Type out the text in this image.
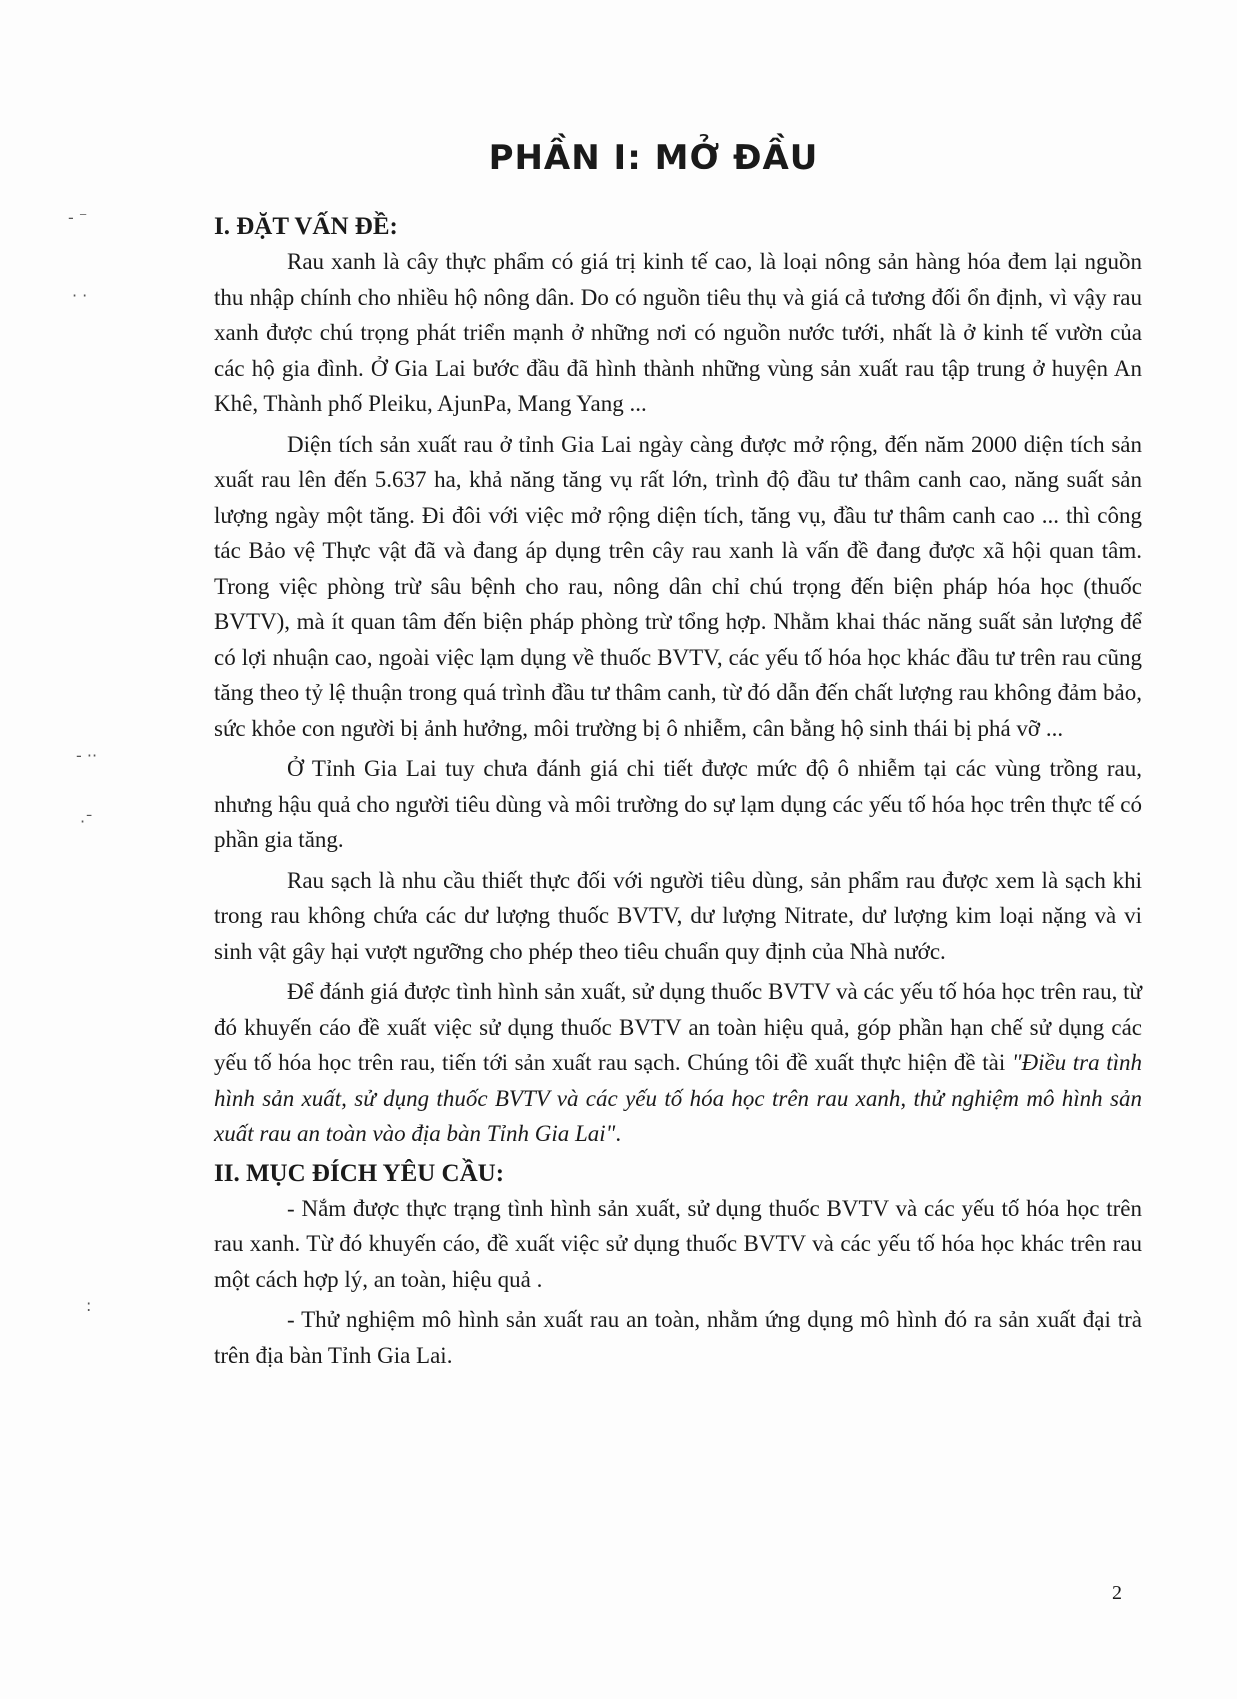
PHẦN I: MỞ ĐẦU
I. ĐẶT VẤN ĐỀ:

Rau xanh là cây thực phẩm có giá trị kinh tế cao, là loại nông sản hàng hóa đem lại nguồn thu nhập chính cho nhiều hộ nông dân. Do có nguồn tiêu thụ và giá cả tương đối ổn định, vì vậy rau xanh được chú trọng phát triển mạnh ở những nơi có nguồn nước tưới, nhất là ở kinh tế vườn của các hộ gia đình. Ở Gia Lai bước đầu đã hình thành những vùng sản xuất rau tập trung ở huyện An Khê, Thành phố Pleiku, AjunPa, Mang Yang ...

Diện tích sản xuất rau ở tỉnh Gia Lai ngày càng được mở rộng, đến năm 2000 diện tích sản xuất rau lên đến 5.637 ha, khả năng tăng vụ rất lớn, trình độ đầu tư thâm canh cao, năng suất sản lượng ngày một tăng. Đi đôi với việc mở rộng diện tích, tăng vụ, đầu tư thâm canh cao ... thì công tác Bảo vệ Thực vật đã và đang áp dụng trên cây rau xanh là vấn đề đang được xã hội quan tâm. Trong việc phòng trừ sâu bệnh cho rau, nông dân chỉ chú trọng đến biện pháp hóa học (thuốc BVTV), mà ít quan tâm đến biện pháp phòng trừ tổng hợp. Nhằm khai thác năng suất sản lượng để có lợi nhuận cao, ngoài việc lạm dụng về thuốc BVTV, các yếu tố hóa học khác đầu tư trên rau cũng tăng theo tỷ lệ thuận trong quá trình đầu tư thâm canh, từ đó dẫn đến chất lượng rau không đảm bảo, sức khỏe con người bị ảnh hưởng, môi trường bị ô nhiễm, cân bằng hộ sinh thái bị phá vỡ ...

Ở Tỉnh Gia Lai tuy chưa đánh giá chi tiết được mức độ ô nhiễm tại các vùng trồng rau, nhưng hậu quả cho người tiêu dùng và môi trường do sự lạm dụng các yếu tố hóa học trên thực tế có phần gia tăng.

Rau sạch là nhu cầu thiết thực đối với người tiêu dùng, sản phẩm rau được xem là sạch khi trong rau không chứa các dư lượng thuốc BVTV, dư lượng Nitrate, dư lượng kim loại nặng và vi sinh vật gây hại vượt ngưỡng cho phép theo tiêu chuẩn quy định của Nhà nước.

Để đánh giá được tình hình sản xuất, sử dụng thuốc BVTV và các yếu tố hóa học trên rau, từ đó khuyến cáo đề xuất việc sử dụng thuốc BVTV an toàn hiệu quả, góp phần hạn chế sử dụng các yếu tố hóa học trên rau, tiến tới sản xuất rau sạch. Chúng tôi đề xuất thực hiện đề tài "Điều tra tình hình sản xuất, sử dụng thuốc BVTV và các yếu tố hóa học trên rau xanh, thử nghiệm mô hình sản xuất rau an toàn vào địa bàn Tỉnh Gia Lai".

II. MỤC ĐÍCH YÊU CẦU:

- Nắm được thực trạng tình hình sản xuất, sử dụng thuốc BVTV và các yếu tố hóa học trên rau xanh. Từ đó khuyến cáo, đề xuất việc sử dụng thuốc BVTV và các yếu tố hóa học khác trên rau một cách hợp lý, an toàn, hiệu quả .

- Thử nghiệm mô hình sản xuất rau an toàn, nhằm ứng dụng mô hình đó ra sản xuất đại trà trên địa bàn Tỉnh Gia Lai.

2
- ⁻
· ·
- ··
·ˉ
:
